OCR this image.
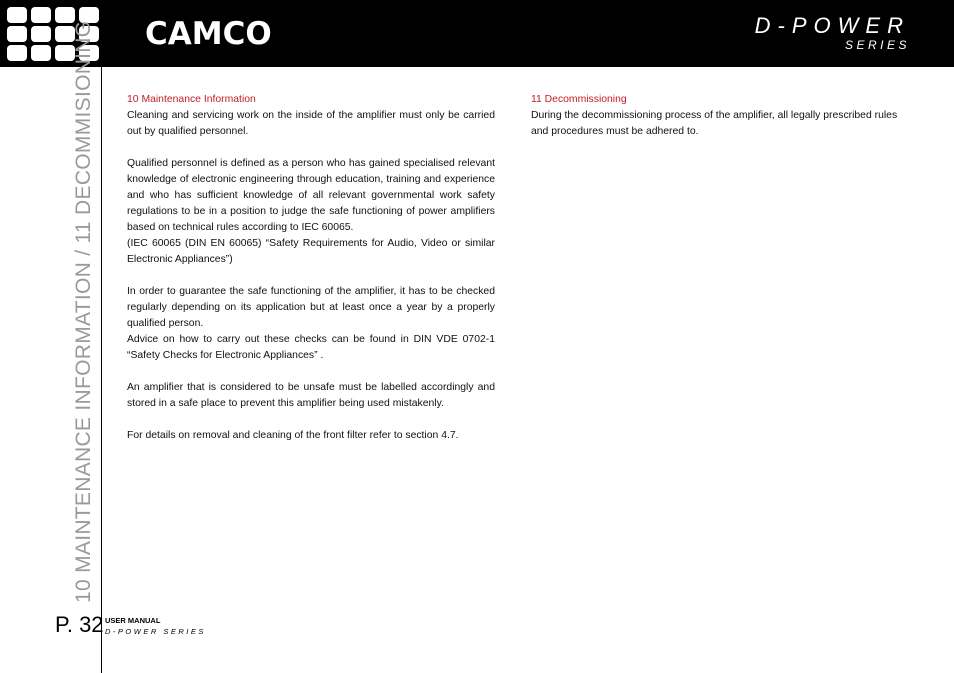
CAMCO	D-POWER
SERIES
10 MAINTENANCE INFORMATION / 11 DECOMMISIONING
P. 32 USER MANUAL
D-POWER SERIES

10 Maintenance Information

Cleaning and servicing work on the inside of the amplifier must only be carried out by qualified personnel.

Qualified personnel is defined as a person who has gained specialised relevant knowledge of electronic engineering through education, training and experience and who has sufficient knowledge of all relevant governmental work safety regulations to be in a position to judge the safe functioning of power amplifiers based on technical rules according to IEC 60065.

(IEC 60065 (DIN EN 60065) “Safety Requirements for Audio, Video or similar Electronic Appliances”)

In order to guarantee the safe functioning of the amplifier, it has to be checked regularly depending on its application but at least once a year by a properly qualified person.

Advice on how to carry out these checks can be found in DIN VDE 0702-1 “Safety Checks for Electronic Appliances” .

An amplifier that is considered to be unsafe must be labelled accordingly and stored in a safe place to prevent this amplifier being used mistakenly.

For details on removal and cleaning of the front filter refer to section 4.7.

11 Decommissioning

During the decommissioning process of the amplifier, all legally prescribed rules and procedures must be adhered to.
